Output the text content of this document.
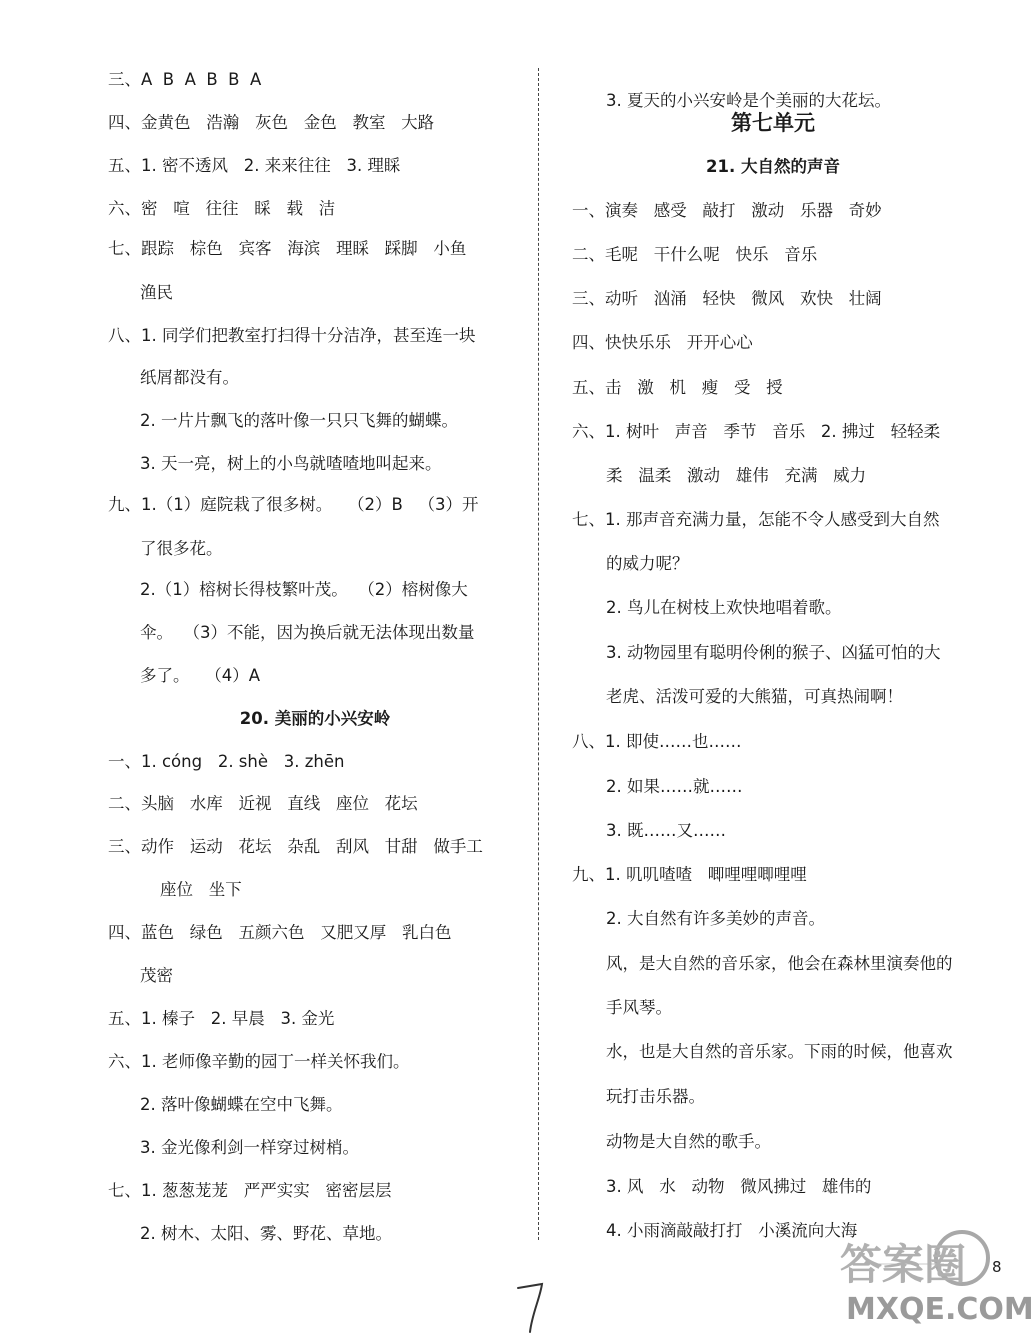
三、A  B  A  B  B  A
四、金黄色   浩瀚   灰色   金色   教室   大路
五、1. 密不透风   2. 来来往往   3. 理睬
六、密   喧   往往   睬   载   洁
七、跟踪   棕色   宾客   海滨   理睬   踩脚   小鱼
渔民
八、1. 同学们把教室打扫得十分洁净，甚至连一块
纸屑都没有。
2. 一片片飘飞的落叶像一只只飞舞的蝴蝶。
3. 天一亮，树上的小鸟就喳喳地叫起来。
九、1.（1）庭院栽了很多树。   （2）B   （3）开
了很多花。
2.（1）榕树长得枝繁叶茂。  （2）榕树像大
伞。  （3）不能，因为换后就无法体现出数量
多了。   （4）A
20. 美丽的小兴安岭
一、1. cóng   2. shè   3. zhēn
二、头脑   水库   近视   直线   座位   花坛
三、动作   运动   花坛   杂乱   刮风   甘甜   做手工
座位   坐下
四、蓝色   绿色   五颜六色   又肥又厚   乳白色
茂密
五、1. 榛子   2. 早晨   3. 金光
六、1. 老师像辛勤的园丁一样关怀我们。
2. 落叶像蝴蝶在空中飞舞。
3. 金光像利剑一样穿过树梢。
七、1. 葱葱茏茏   严严实实   密密层层
2. 树木、太阳、雾、野花、草地。
3. 夏天的小兴安岭是个美丽的大花坛。
第七单元
21. 大自然的声音
一、演奏   感受   敲打   激动   乐器   奇妙
二、毛呢   干什么呢   快乐   音乐
三、动听   汹涌   轻快   微风   欢快   壮阔
四、快快乐乐   开开心心
五、击   激   机   瘦   受   授
六、1. 树叶   声音   季节   音乐   2. 拂过   轻轻柔
柔   温柔   激动   雄伟   充满   威力
七、1. 那声音充满力量，怎能不令人感受到大自然
的威力呢？
2. 鸟儿在树枝上欢快地唱着歌。
3. 动物园里有聪明伶俐的猴子、凶猛可怕的大
老虎、活泼可爱的大熊猫，可真热闹啊！
八、1. 即使……也……
2. 如果……就……
3. 既……又……
九、1. 叽叽喳喳   唧哩哩唧哩哩
2. 大自然有许多美妙的声音。
风，是大自然的音乐家，他会在森林里演奏他的
手风琴。
水，也是大自然的音乐家。下雨的时候，他喜欢
玩打击乐器。
动物是大自然的歌手。
3. 风   水   动物   微风拂过   雄伟的
4. 小雨滴敲敲打打   小溪流向大海
8
答案圈
MXQE.COM
